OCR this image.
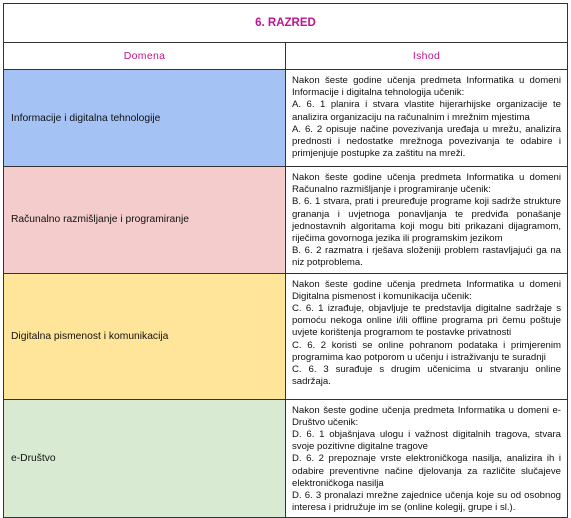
6. RAZRED	
Domena	Ishod
Informacije i digitalna tehnologije	Nakon šeste godine učenja predmeta Informatika u domeni Informacije i digitalna tehnologija učenik:

A. 6. 1 planira i stvara vlastite hijerarhijske organizacije te analizira organizaciju na računalnim i mrežnim mjestima

A. 6. 2 opisuje načine povezivanja uređaja u mrežu, analizira prednosti i nedostatke mrežnoga povezivanja te odabire i primjenjuje postupke za zaštitu na mreži.

Računalno razmišljanje i programiranje	Nakon šeste godine učenja predmeta Informatika u domeni Računalno razmišljanje i programiranje učenik:

B. 6. 1 stvara, prati i preuređuje programe koji sadrže strukture grananja i uvjetnoga ponavljanja te predviđa ponašanje jednostavnih algoritama koji mogu biti prikazani dijagramom, riječima govornoga jezika ili programskim jezikom

B. 6. 2 razmatra i rješava složeniji problem rastavljajući ga na niz potproblema.

Digitalna pismenost i komunikacija	Nakon šeste godine učenja predmeta Informatika u domeni Digitalna pismenost i komunikacija učenik:

C. 6. 1 izrađuje, objavljuje te predstavlja digitalne sadržaje s pomoću nekoga online i/ili offline programa pri čemu poštuje uvjete korištenja programom te postavke privatnosti

C. 6. 2 koristi se online pohranom podataka i primjerenim programima kao potporom u učenju i istraživanju te suradnji

C. 6. 3 surađuje s drugim učenicima u stvaranju online sadržaja.

e-Društvo	Nakon šeste godine učenja predmeta Informatika u domeni e-Društvo učenik:

D. 6. 1 objašnjava ulogu i važnost digitalnih tragova, stvara svoje pozitivne digitalne tragove

D. 6. 2 prepoznaje vrste elektroničkoga nasilja, analizira ih i odabire preventivne načine djelovanja za različite slučajeve elektroničkoga nasilja

D. 6. 3 pronalazi mrežne zajednice učenja koje su od osobnog interesa i pridružuje im se (online kolegij, grupe i sl.).
